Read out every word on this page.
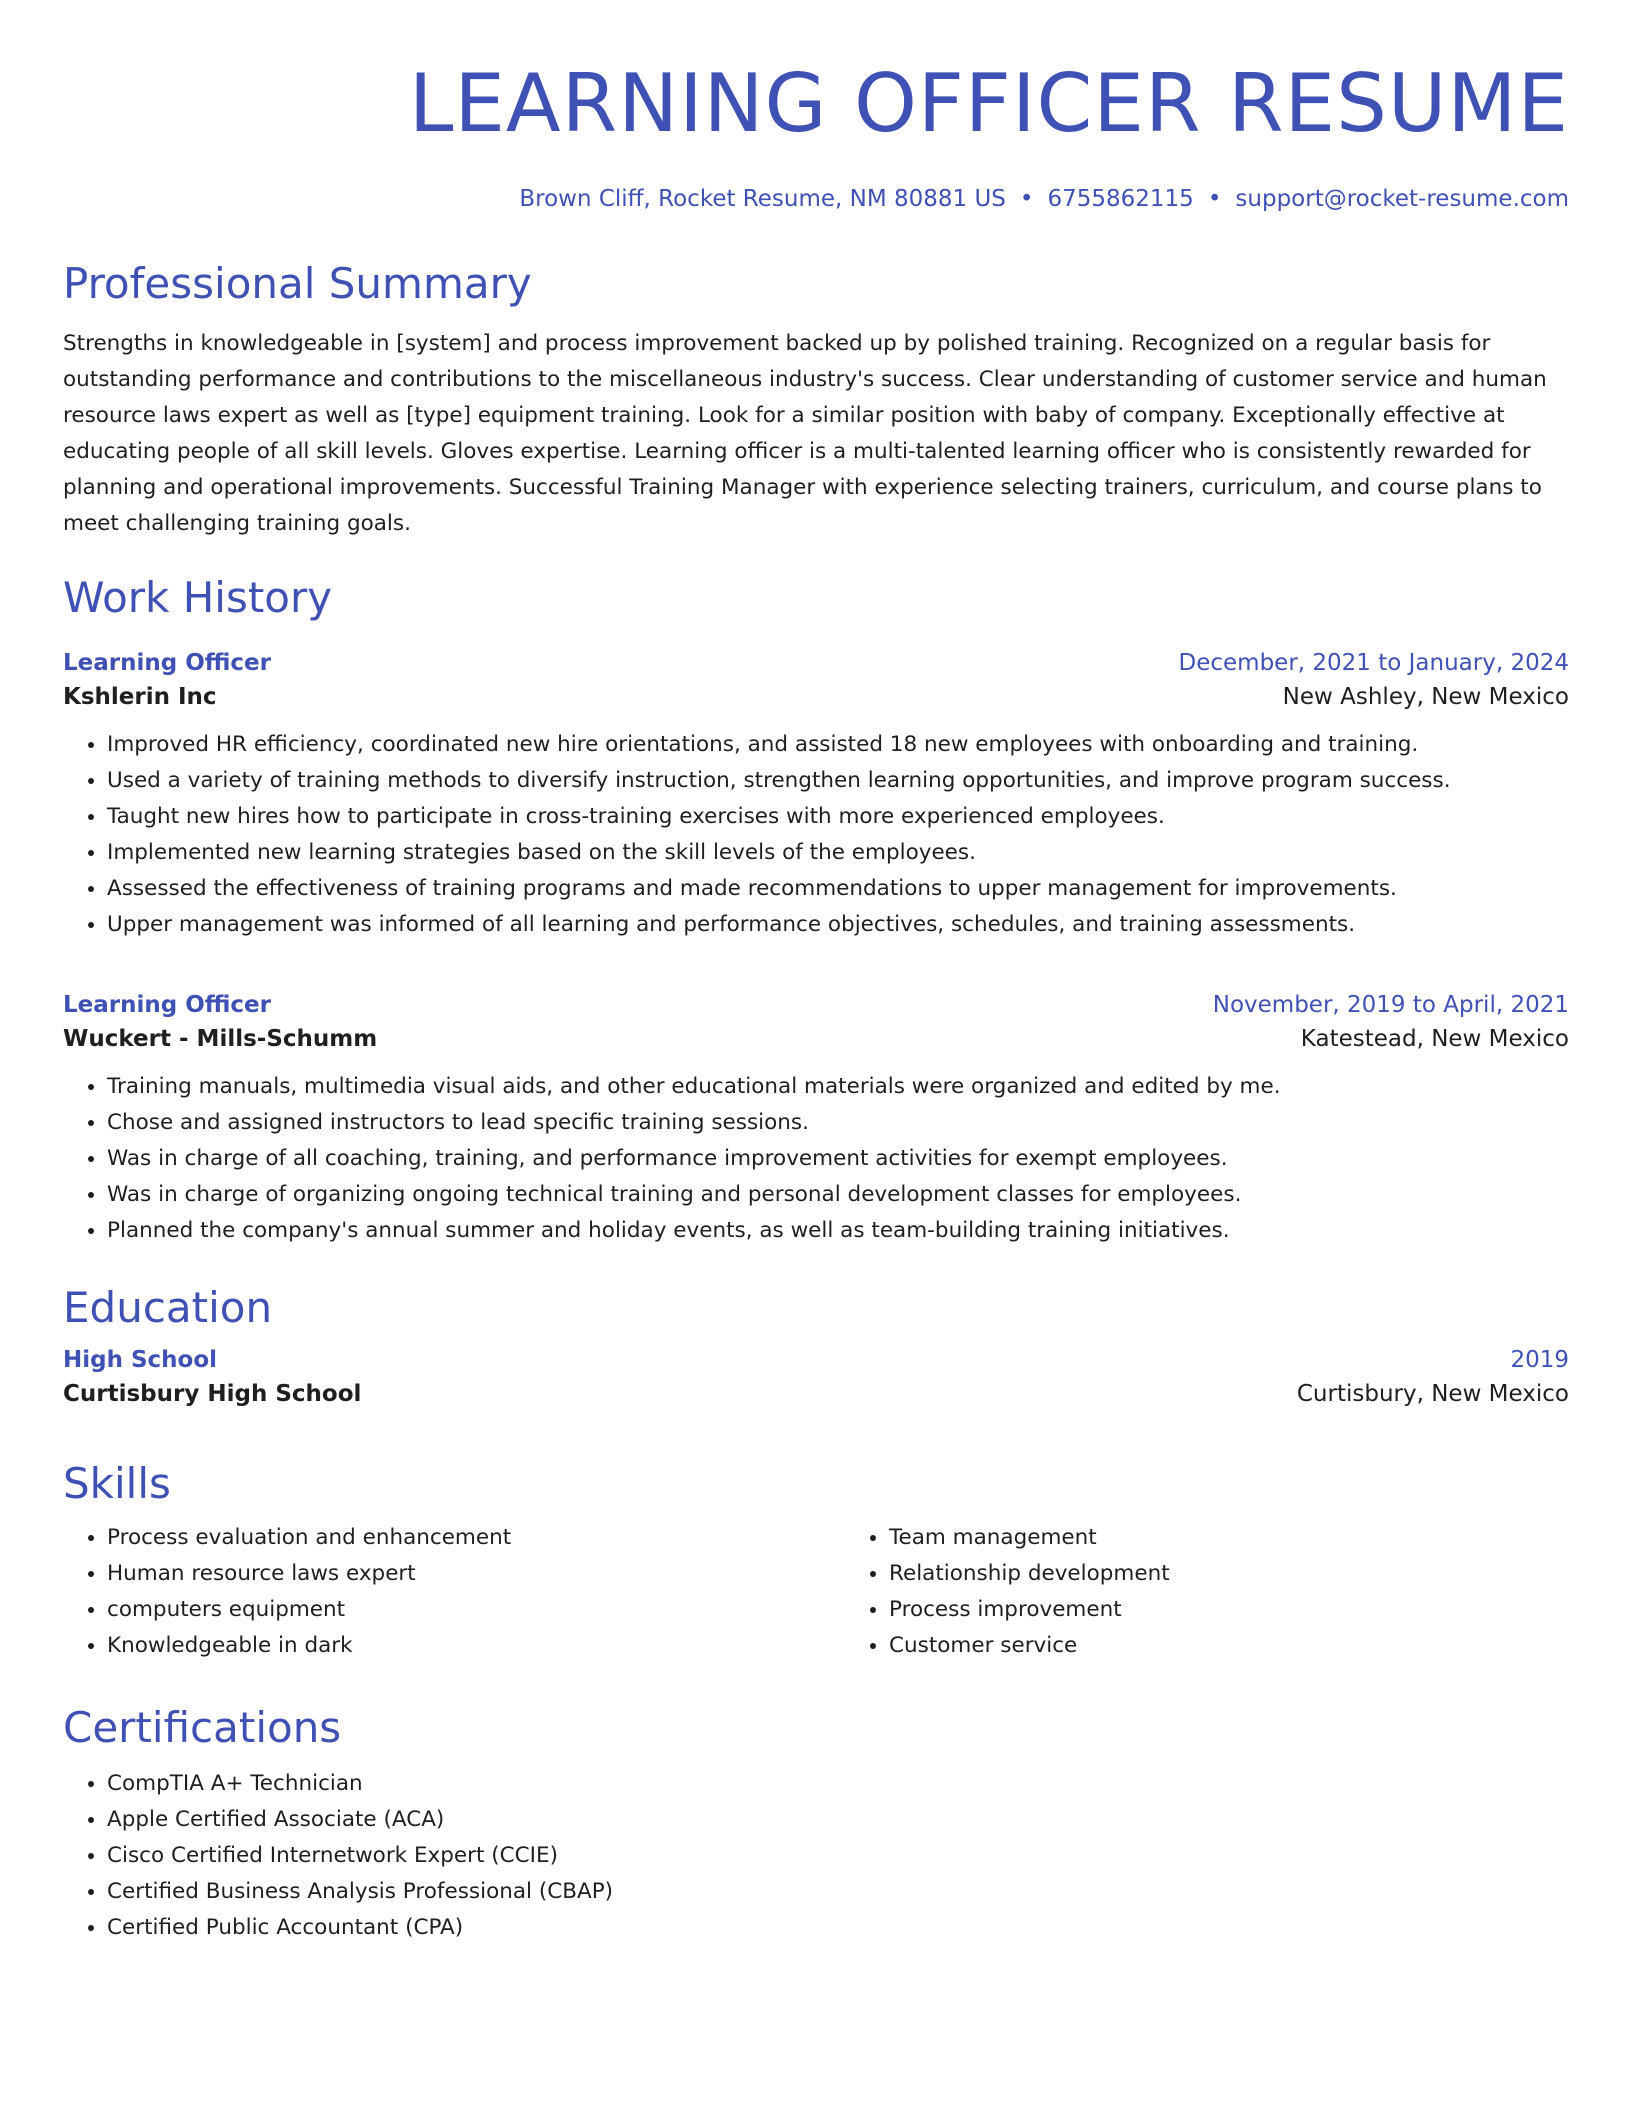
LEARNING OFFICER RESUME
Brown Cliff, Rocket Resume, NM 80881 US • 6755862115 • support@rocket-resume.com
Professional Summary

Strengths in knowledgeable in [system] and process improvement backed up by polished training. Recognized on a regular basis for outstanding performance and contributions to the miscellaneous industry's success. Clear understanding of customer service and human resource laws expert as well as [type] equipment training. Look for a similar position with baby of company. Exceptionally effective at educating people of all skill levels. Gloves expertise. Learning officer is a multi-talented learning officer who is consistently rewarded for planning and operational improvements. Successful Training Manager with experience selecting trainers, curriculum, and course plans to meet challenging training goals.

Work History
Learning Officer	December, 2021 to January, 2024
Kshlerin Inc	New Ashley, New Mexico
• Improved HR efficiency, coordinated new hire orientations, and assisted 18 new employees with onboarding and training.
• Used a variety of training methods to diversify instruction, strengthen learning opportunities, and improve program success.
• Taught new hires how to participate in cross-training exercises with more experienced employees.
• Implemented new learning strategies based on the skill levels of the employees.
• Assessed the effectiveness of training programs and made recommendations to upper management for improvements.
• Upper management was informed of all learning and performance objectives, schedules, and training assessments.
Learning Officer	November, 2019 to April, 2021
Wuckert - Mills-Schumm	Katestead, New Mexico
• Training manuals, multimedia visual aids, and other educational materials were organized and edited by me.
• Chose and assigned instructors to lead specific training sessions.
• Was in charge of all coaching, training, and performance improvement activities for exempt employees.
• Was in charge of organizing ongoing technical training and personal development classes for employees.
• Planned the company's annual summer and holiday events, as well as team-building training initiatives.
Education
High School	2019
Curtisbury High School	Curtisbury, New Mexico
Skills
• Process evaluation and enhancement
• Human resource laws expert
• computers equipment
• Knowledgeable in dark
• Team management
• Relationship development
• Process improvement
• Customer service
Certifications
• CompTIA A+ Technician
• Apple Certified Associate (ACA)
• Cisco Certified Internetwork Expert (CCIE)
• Certified Business Analysis Professional (CBAP)
• Certified Public Accountant (CPA)
